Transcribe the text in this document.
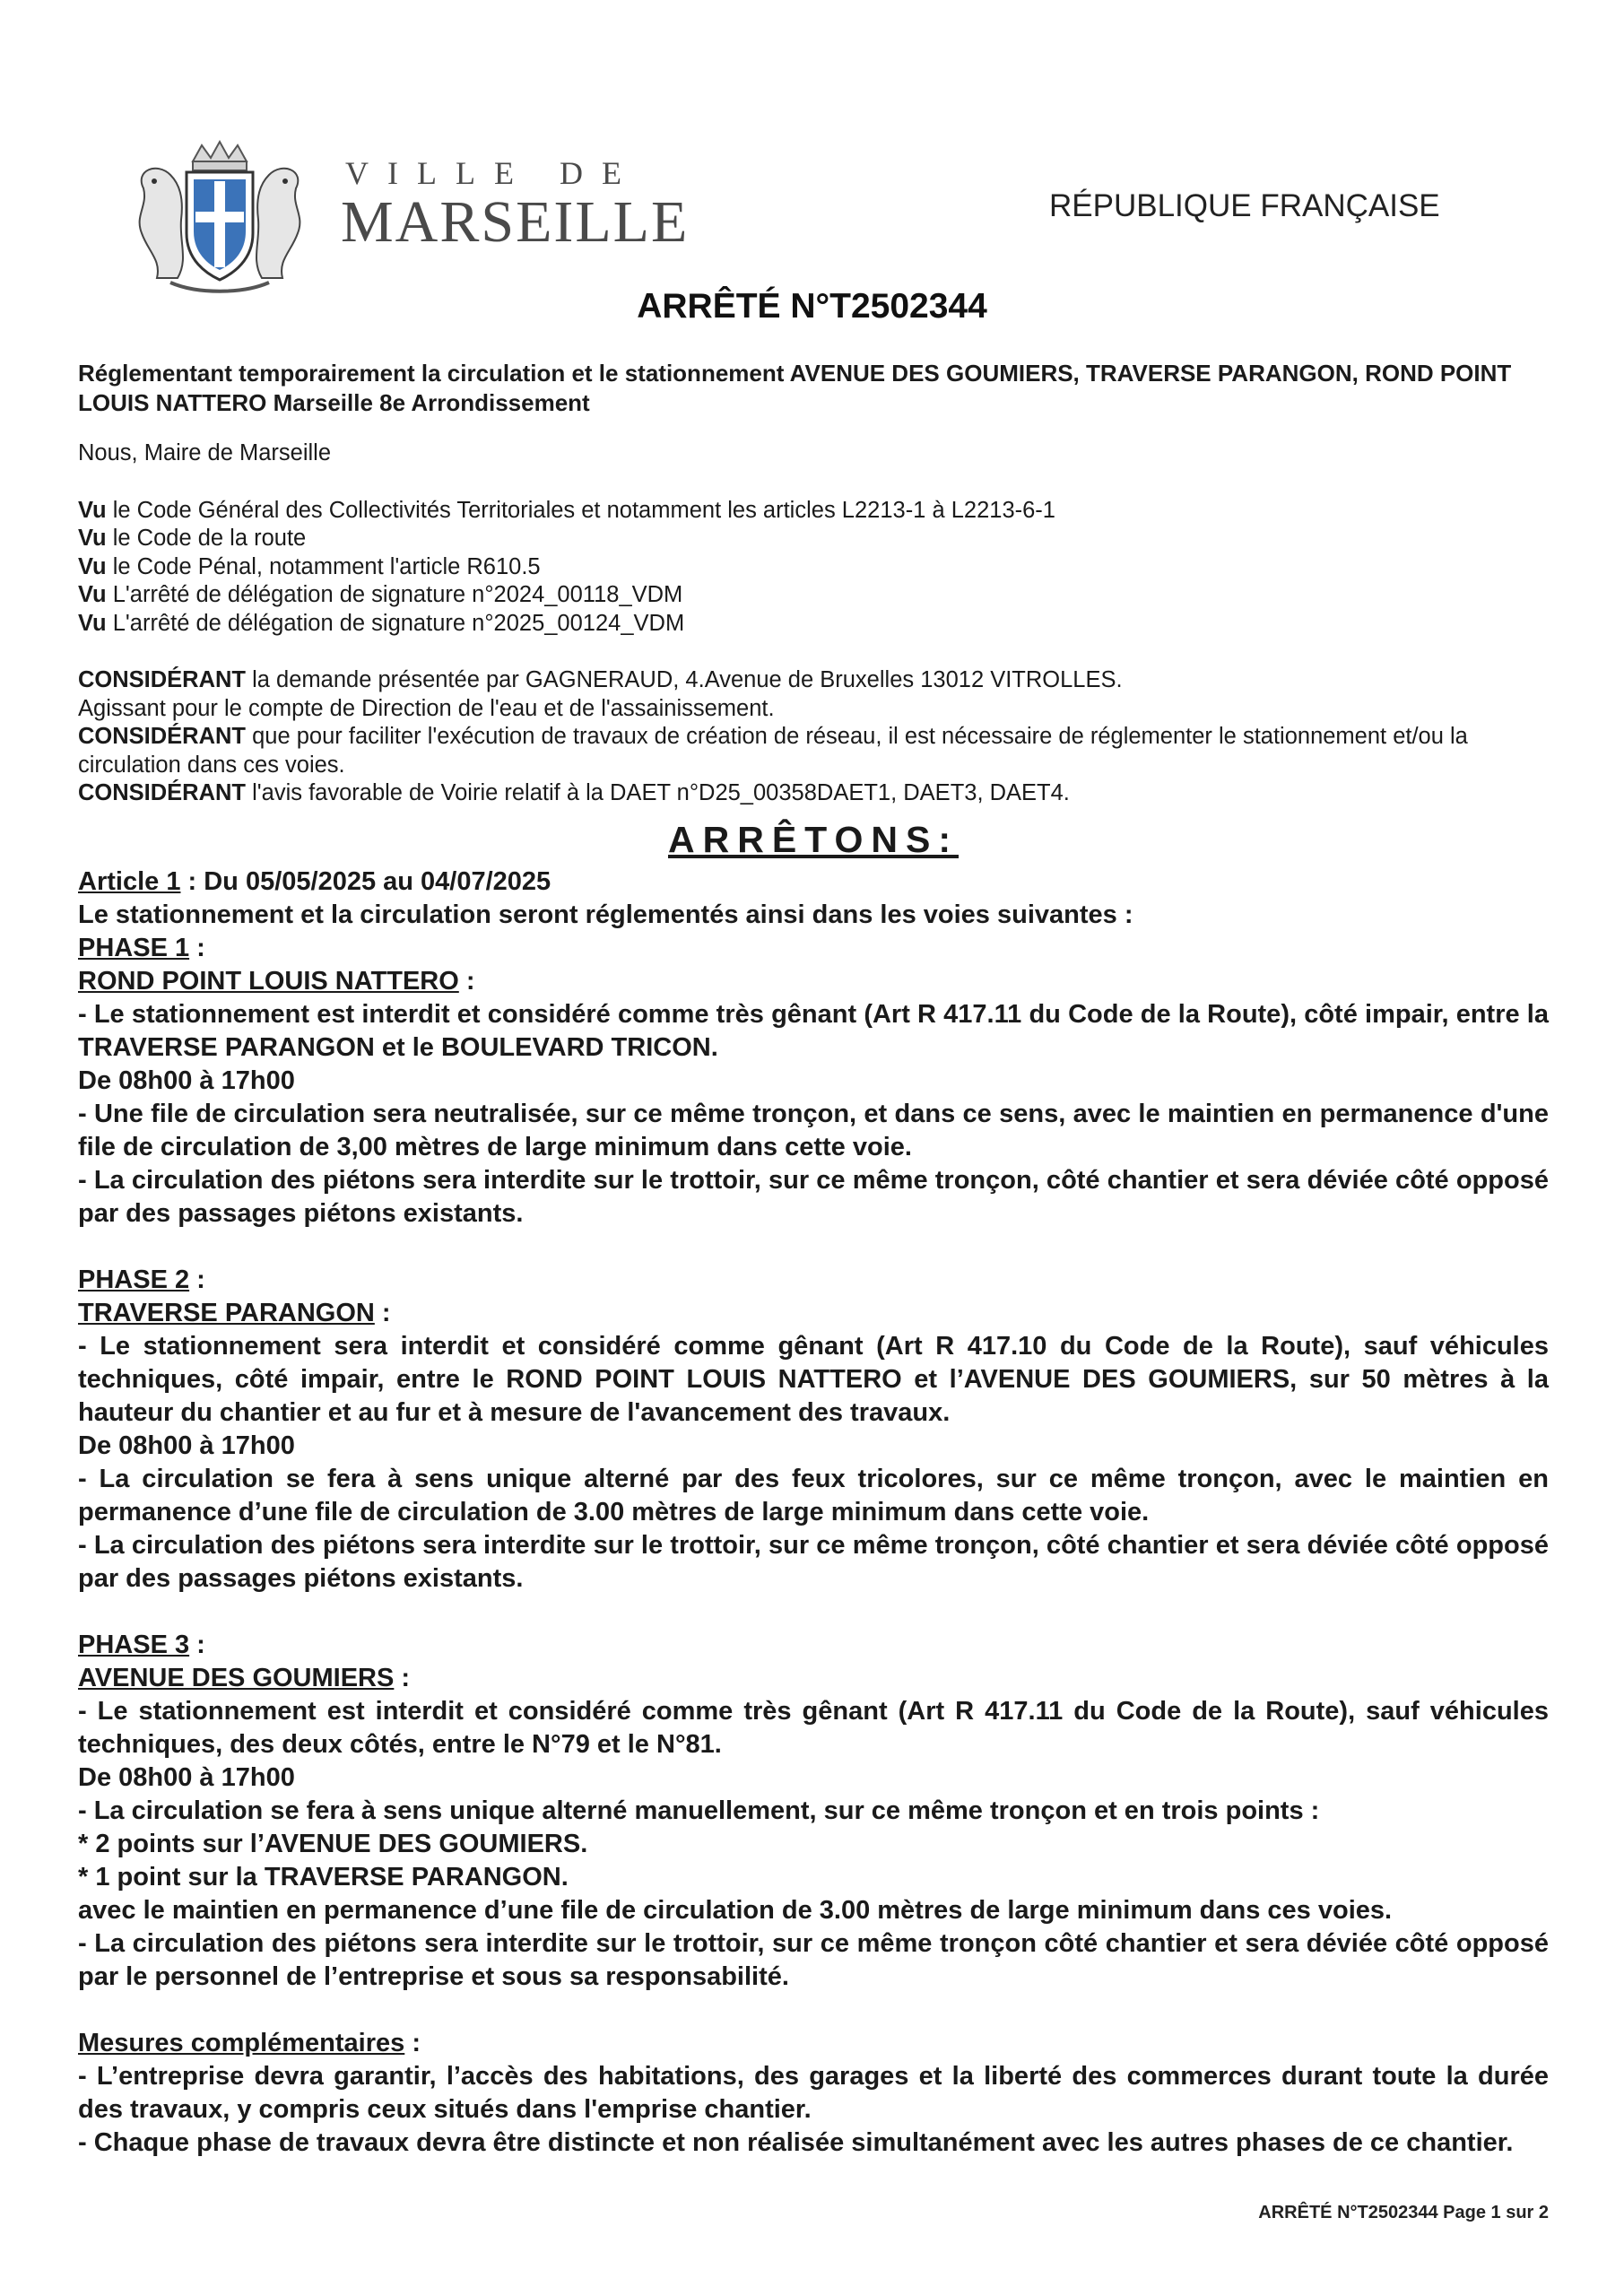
VILLE DE
MARSEILLE	RÉPUBLIQUE FRANÇAISE
ARRÊTÉ N°T2502344

Réglementant temporairement la circulation et le stationnement AVENUE DES GOUMIERS, TRAVERSE PARANGON, ROND POINT LOUIS NATTERO Marseille 8e Arrondissement

Nous, Maire de Marseille

Vu le Code Général des Collectivités Territoriales et notamment les articles L2213-1 à L2213-6-1

Vu le Code de la route

Vu le Code Pénal, notamment l'article R610.5

Vu L'arrêté de délégation de signature n°2024_00118_VDM

Vu L'arrêté de délégation de signature n°2025_00124_VDM

CONSIDÉRANT la demande présentée par GAGNERAUD, 4.Avenue de Bruxelles 13012 VITROLLES.

Agissant pour le compte de Direction de l'eau et de l'assainissement.

CONSIDÉRANT que pour faciliter l'exécution de travaux de création de réseau, il est nécessaire de réglementer le stationnement et/ou la circulation dans ces voies.

CONSIDÉRANT l'avis favorable de Voirie relatif à la DAET n°D25_00358DAET1, DAET3, DAET4.

ARRÊTONS:

Article 1 : Du 05/05/2025 au 04/07/2025

Le stationnement et la circulation seront réglementés ainsi dans les voies suivantes :

PHASE 1 :

ROND POINT LOUIS NATTERO :

- Le stationnement est interdit et considéré comme très gênant (Art R 417.11 du Code de la Route), côté impair, entre la TRAVERSE PARANGON et le BOULEVARD TRICON.

De 08h00 à 17h00

- Une file de circulation sera neutralisée, sur ce même tronçon, et dans ce sens, avec le maintien en permanence d'une file de circulation de 3,00 mètres de large minimum dans cette voie.

- La circulation des piétons sera interdite sur le trottoir, sur ce même tronçon, côté chantier et sera déviée côté opposé par des passages piétons existants.

PHASE 2 :

TRAVERSE PARANGON :

- Le stationnement sera interdit et considéré comme gênant (Art R 417.10 du Code de la Route), sauf véhicules techniques, côté impair, entre le ROND POINT LOUIS NATTERO et l’AVENUE DES GOUMIERS, sur 50 mètres à la hauteur du chantier et au fur et à mesure de l'avancement des travaux.

De 08h00 à 17h00

- La circulation se fera à sens unique alterné par des feux tricolores, sur ce même tronçon, avec le maintien en permanence d’une file de circulation de 3.00 mètres de large minimum dans cette voie.

- La circulation des piétons sera interdite sur le trottoir, sur ce même tronçon, côté chantier et sera déviée côté opposé par des passages piétons existants.

PHASE 3 :

AVENUE DES GOUMIERS :

- Le stationnement est interdit et considéré comme très gênant (Art R 417.11 du Code de la Route), sauf véhicules techniques, des deux côtés, entre le N°79 et le N°81.

De 08h00 à 17h00

- La circulation se fera à sens unique alterné manuellement, sur ce même tronçon et en trois points :

* 2 points sur l’AVENUE DES GOUMIERS.

* 1 point sur la TRAVERSE PARANGON.

avec le maintien en permanence d’une file de circulation de 3.00 mètres de large minimum dans ces voies.

- La circulation des piétons sera interdite sur le trottoir, sur ce même tronçon côté chantier et sera déviée côté opposé par le personnel de l’entreprise et sous sa responsabilité.

Mesures complémentaires :

- L’entreprise devra garantir, l’accès des habitations, des garages et la liberté des commerces durant toute la durée des travaux, y compris ceux situés dans l'emprise chantier.

- Chaque phase de travaux devra être distincte et non réalisée simultanément avec les autres phases de ce chantier.

ARRÊTÉ N°T2502344 Page 1 sur 2
